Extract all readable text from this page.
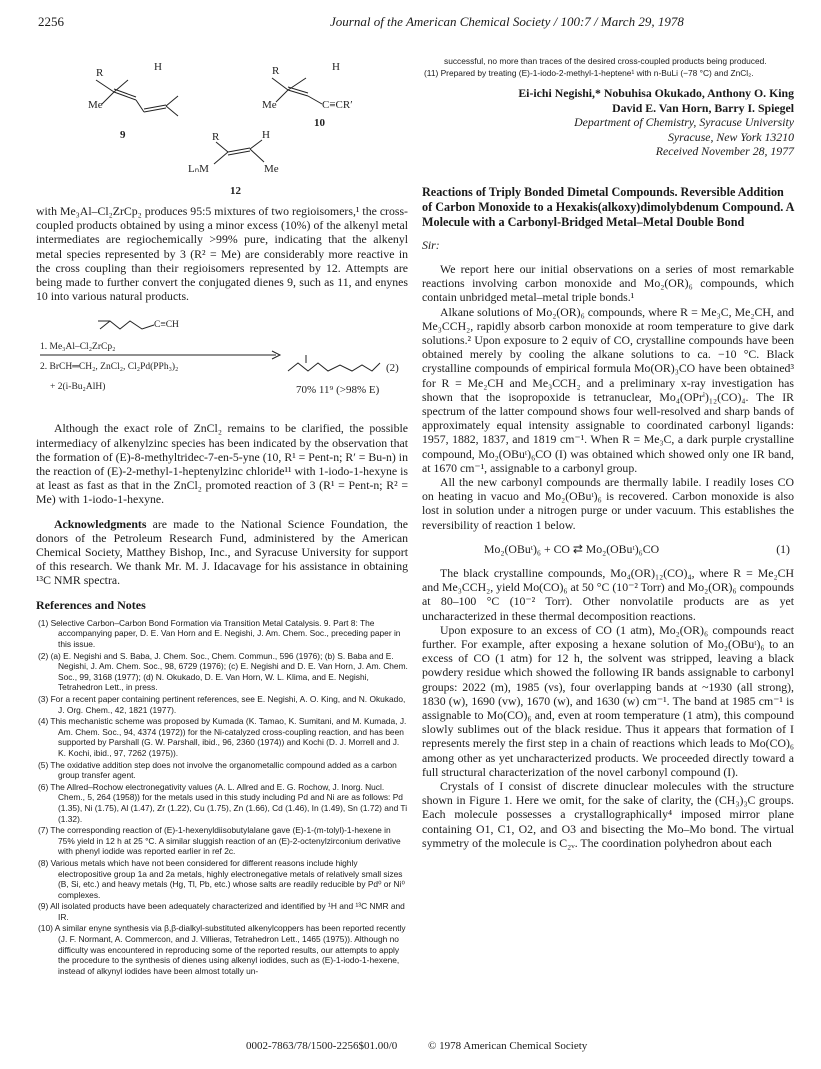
2256	Journal of the American Chemical Society / 100:7 / March 29, 1978
R	H
Me
9
R	H
Me	C≡CR′
10
R	H
LₙM	Me
12

with Me₃Al–Cl₂ZrCp₂ produces 95:5 mixtures of two regioisomers,¹ the cross-coupled products obtained by using a minor excess (10%) of the alkenyl metal intermediates are regiochemically >99% pure, indicating that the alkenyl metal species represented by 3 (R² = Me) are considerably more reactive in the cross coupling than their regioisomers represented by 12. Attempts are being made to further convert the conjugated dienes 9, such as 11, and enynes 10 into various natural products.

C≡CH
1. Me₃Al–Cl₂ZrCp₂
2. BrCH═CH₂, ZnCl₂, Cl₂Pd(PPh₃)₂
+ 2(i-Bu₂AlH)	70% 11⁹ (>98% E)
(2)

Although the exact role of ZnCl₂ remains to be clarified, the possible intermediacy of alkenylzinc species has been indicated by the observation that the formation of (E)-8-methyltridec-7-en-5-yne (10, R¹ = Pent-n; R′ = Bu-n) in the reaction of (E)-2-methyl-1-heptenylzinc chloride¹¹ with 1-iodo-1-hexyne is at least as fast as that in the ZnCl₂ promoted reaction of 3 (R¹ = Pent-n; R² = Me) with 1-iodo-1-hexyne.

Acknowledgments are made to the National Science Foundation, the donors of the Petroleum Research Fund, administered by the American Chemical Society, Matthey Bishop, Inc., and Syracuse University for support of this research. We thank Mr. M. J. Idacavage for his assistance in obtaining ¹³C NMR spectra.

References and Notes

(1) Selective Carbon–Carbon Bond Formation via Transition Metal Catalysis. 9. Part 8: The accompanying paper, D. E. Van Horn and E. Negishi, J. Am. Chem. Soc., preceding paper in this issue.

(2) (a) E. Negishi and S. Baba, J. Chem. Soc., Chem. Commun., 596 (1976); (b) S. Baba and E. Negishi, J. Am. Chem. Soc., 98, 6729 (1976); (c) E. Negishi and D. E. Van Horn, J. Am. Chem. Soc., 99, 3168 (1977); (d) N. Okukado, D. E. Van Horn, W. L. Klima, and E. Negishi, Tetrahedron Lett., in press.

(3) For a recent paper containing pertinent references, see E. Negishi, A. O. King, and N. Okukado, J. Org. Chem., 42, 1821 (1977).

(4) This mechanistic scheme was proposed by Kumada (K. Tamao, K. Sumitani, and M. Kumada, J. Am. Chem. Soc., 94, 4374 (1972)) for the Ni-catalyzed cross-coupling reaction, and has been supported by Parshall (G. W. Parshall, ibid., 96, 2360 (1974)) and Kochi (D. J. Morrell and J. K. Kochi, ibid., 97, 7262 (1975)).

(5) The oxidative addition step does not involve the organometallic compound added as a carbon group transfer agent.

(6) The Allred–Rochow electronegativity values (A. L. Allred and E. G. Rochow, J. Inorg. Nucl. Chem., 5, 264 (1958)) for the metals used in this study including Pd and Ni are as follows: Pd (1.35), Ni (1.75), Al (1.47), Zr (1.22), Cu (1.75), Zn (1.66), Cd (1.46), In (1.49), Sn (1.72) and Ti (1.32).

(7) The corresponding reaction of (E)-1-hexenyldiisobutylalane gave (E)-1-(m-tolyl)-1-hexene in 75% yield in 12 h at 25 °C. A similar sluggish reaction of an (E)-2-octenylzirconium derivative with phenyl iodide was reported earlier in ref 2c.

(8) Various metals which have not been considered for different reasons include highly electropositive group 1a and 2a metals, highly electronegative metals of relatively small sizes (B, Si, etc.) and heavy metals (Hg, Tl, Pb, etc.) whose salts are readily reducible by Pd⁰ or Ni⁰ complexes.

(9) All isolated products have been adequately characterized and identified by ¹H and ¹³C NMR and IR.

(10) A similar enyne synthesis via β,β-dialkyl-substituted alkenylcoppers has been reported recently (J. F. Normant, A. Commercon, and J. Villieras, Tetrahedron Lett., 1465 (1975)). Although no difficulty was encountered in reproducing some of the reported results, our attempts to apply the procedure to the synthesis of dienes using alkenyl iodides, such as (E)-1-iodo-1-hexene, instead of alkynyl iodides have been almost totally un-

successful, no more than traces of the desired cross-coupled products being produced.

(11) Prepared by treating (E)-1-iodo-2-methyl-1-heptene¹ with n-BuLi (−78 °C) and ZnCl₂.

Ei-ichi Negishi,* Nobuhisa Okukado, Anthony O. King
David E. Van Horn, Barry I. Spiegel
Department of Chemistry, Syracuse University
Syracuse, New York 13210
Received November 28, 1977
Reactions of Triply Bonded Dimetal Compounds. Reversible Addition of Carbon Monoxide to a Hexakis(alkoxy)dimolybdenum Compound. A Molecule with a Carbonyl-Bridged Metal–Metal Double Bond
Sir:

We report here our initial observations on a series of most remarkable reactions involving carbon monoxide and Mo₂(OR)₆ compounds, which contain unbridged metal–metal triple bonds.¹

Alkane solutions of Mo₂(OR)₆ compounds, where R = Me₃C, Me₂CH, and Me₃CCH₂, rapidly absorb carbon monoxide at room temperature to give dark solutions.² Upon exposure to 2 equiv of CO, crystalline compounds have been obtained merely by cooling the alkane solutions to ca. −10 °C. Black crystalline compounds of empirical formula Mo(OR)₃CO have been obtained³ for R = Me₂CH and Me₃CCH₂ and a preliminary x-ray investigation has shown that the isopropoxide is tetranuclear, Mo₄(OPrⁱ)₁₂(CO)₄. The IR spectrum of the latter compound shows four well-resolved and sharp bands of approximately equal intensity assignable to coordinated carbonyl ligands: 1957, 1882, 1837, and 1819 cm⁻¹. When R = Me₃C, a dark purple crystalline compound, Mo₂(OBuᵗ)₆CO (I) was obtained which showed only one IR band, at 1670 cm⁻¹, assignable to a carbonyl group.

All the new carbonyl compounds are thermally labile. I readily loses CO on heating in vacuo and Mo₂(OBuᵗ)₆ is recovered. Carbon monoxide is also lost in solution under a nitrogen purge or under vacuum. This establishes the reversibility of reaction 1 below.

Mo₂(OBuᵗ)₆ + CO ⇄ Mo₂(OBuᵗ)₆CO	(1)

The black crystalline compounds, Mo₄(OR)₁₂(CO)₄, where R = Me₂CH and Me₃CCH₂, yield Mo(CO)₆ at 50 °C (10⁻² Torr) and Mo₂(OR)₆ compounds at 80–100 °C (10⁻² Torr). Other nonvolatile products are as yet uncharacterized in these thermal decomposition reactions.

Upon exposure to an excess of CO (1 atm), Mo₂(OR)₆ compounds react further. For example, after exposing a hexane solution of Mo₂(OBuᵗ)₆ to an excess of CO (1 atm) for 12 h, the solvent was stripped, leaving a black powdery residue which showed the following IR bands assignable to carbonyl groups: 2022 (m), 1985 (vs), four overlapping bands at ~1930 (all strong), 1830 (w), 1690 (vw), 1670 (w), and 1630 (w) cm⁻¹. The band at 1985 cm⁻¹ is assignable to Mo(CO)₆ and, even at room temperature (1 atm), this compound slowly sublimes out of the black residue. Thus it appears that formation of I represents merely the first step in a chain of reactions which leads to Mo(CO)₆ among other as yet uncharacterized products. We proceeded directly toward a full structural characterization of the novel carbonyl compound (I).

Crystals of I consist of discrete dinuclear molecules with the structure shown in Figure 1. Here we omit, for the sake of clarity, the (CH₃)₃C groups. Each molecule possesses a crystallographically⁴ imposed mirror plane containing O1, C1, O2, and O3 and bisecting the Mo–Mo bond. The virtual symmetry of the molecule is C₂ᵥ. The coordination polyhedron about each

0002-7863/78/1500-2256$01.00/0	© 1978 American Chemical Society
